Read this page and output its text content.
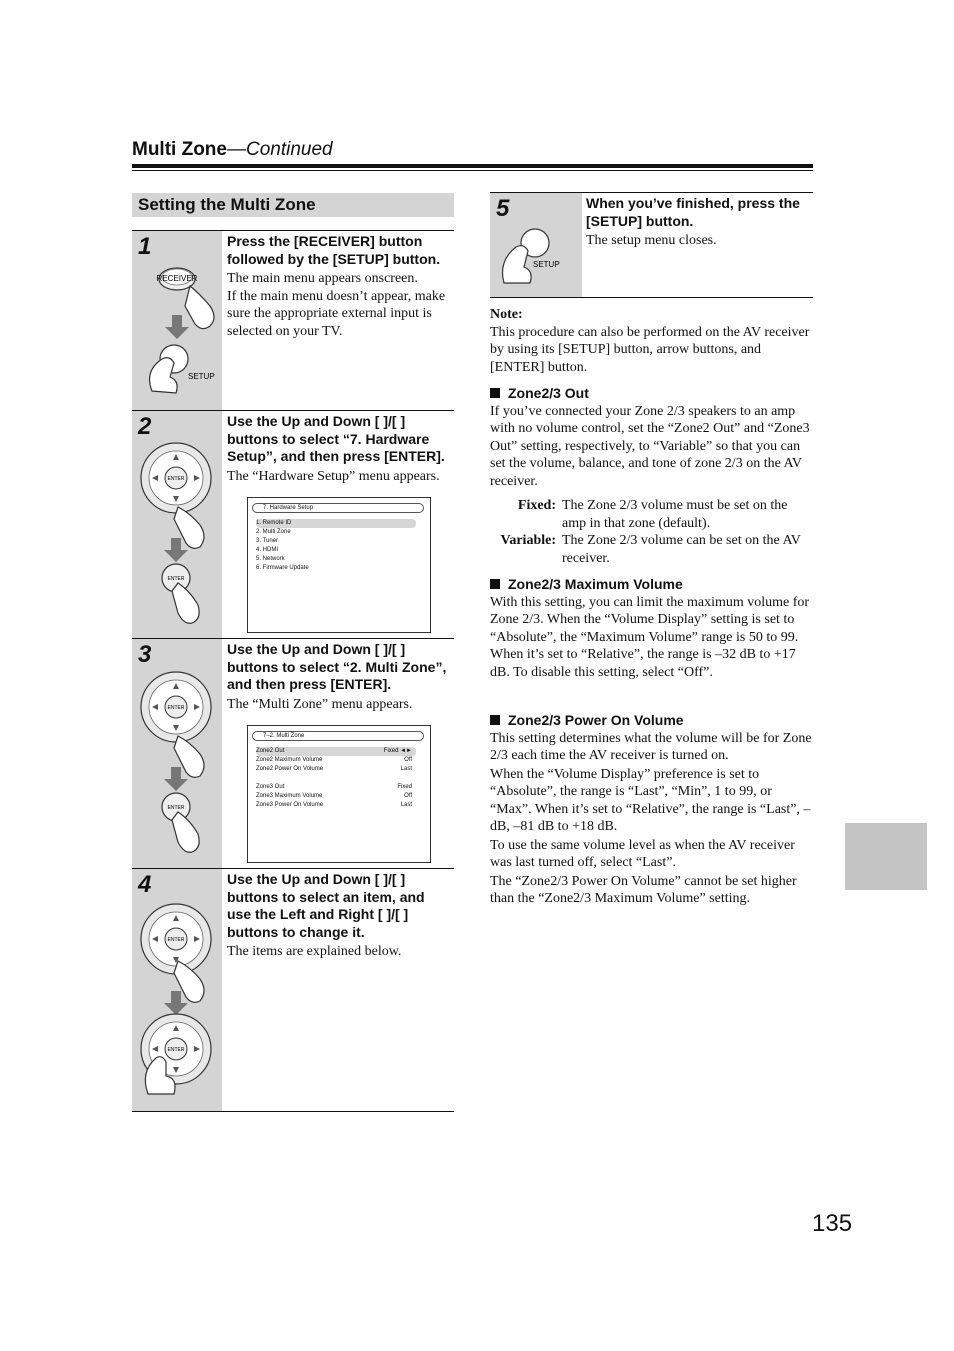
Multi Zone—Continued
Setting the Multi Zone
1
RECEIVER
SETUP
Press the [RECEIVER] button followed by the [SETUP] button.
The main menu appears onscreen.
If the main menu doesn’t appear, make sure the appropriate external input is selected on your TV.
2
ENTER
ENTER
Use the Up and Down [ ]/[ ] buttons to select “7. Hardware Setup”, and then press [ENTER].
The “Hardware Setup” menu appears.
7. Hardware Setup
1. Remote ID
2. Multi Zone
3. Tuner
4. HDMI
5. Network
6. Firmware Update
3
ENTER
ENTER
Use the Up and Down [ ]/[ ] buttons to select “2. Multi Zone”, and then press [ENTER].
The “Multi Zone” menu appears.
7–2. Multi Zone
Zone2 Out	Fixed ◄►
Zone2 Maximum Volume	Off
Zone2 Power On Volume	Last
Zone3 Out	Fixed
Zone3 Maximum Volume	Off
Zone3 Power On Volume	Last
4
ENTER
ENTER
Use the Up and Down [ ]/[ ] buttons to select an item, and use the Left and Right [ ]/[ ] buttons to change it.
The items are explained below.
5
SETUP
When you’ve finished, press the [SETUP] button.
The setup menu closes.

Note:

This procedure can also be performed on the AV receiver by using its [SETUP] button, arrow buttons, and [ENTER] button.

Zone2/3 Out

If you’ve connected your Zone 2/3 speakers to an amp with no volume control, set the “Zone2 Out” and “Zone3 Out” setting, respectively, to “Variable” so that you can set the volume, balance, and tone of zone 2/3 on the AV receiver.

Fixed: The Zone 2/3 volume must be set on the amp in that zone (default).
Variable: The Zone 2/3 volume can be set on the AV receiver.

Zone2/3 Maximum Volume

With this setting, you can limit the maximum volume for Zone 2/3. When the “Volume Display” setting is set to “Absolute”, the “Maximum Volume” range is 50 to 99. When it’s set to “Relative”, the range is –32 dB to +17 dB. To disable this setting, select “Off”.

Zone2/3 Power On Volume

This setting determines what the volume will be for Zone 2/3 each time the AV receiver is turned on.

When the “Volume Display” preference is set to “Absolute”, the range is “Last”, “Min”, 1 to 99, or “Max”. When it’s set to “Relative”, the range is “Last”, – dB, –81 dB to +18 dB.

To use the same volume level as when the AV receiver was last turned off, select “Last”.

The “Zone2/3 Power On Volume” cannot be set higher than the “Zone2/3 Maximum Volume” setting.

135
